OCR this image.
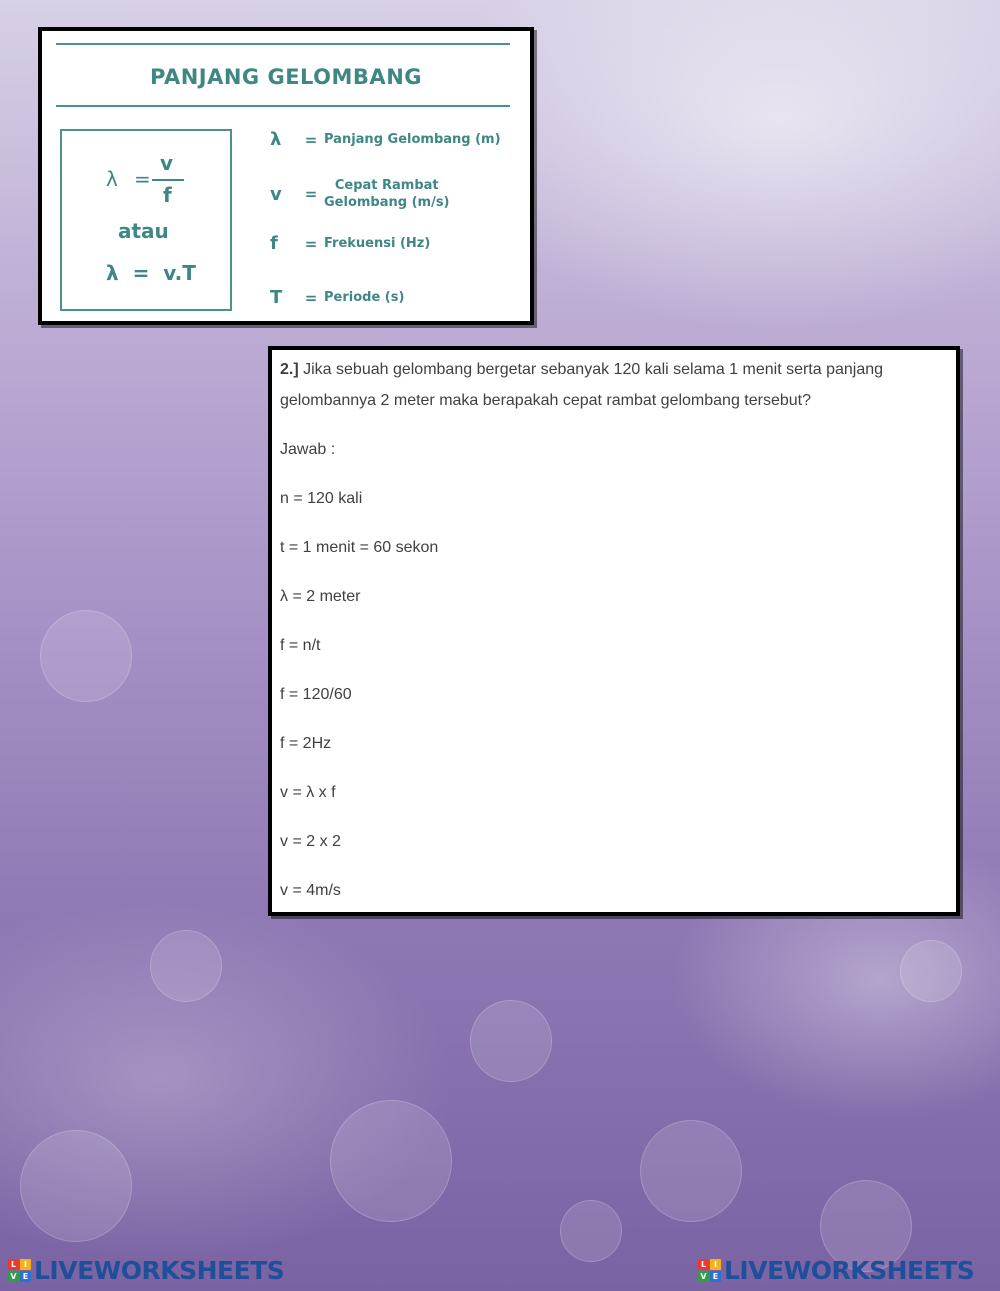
PANJANG GELOMBANG
λ =
v
f
atau
λ  =  v.T
λ	= Panjang Gelombang (m)
v	=	Cepat Rambat
Gelombang (m/s)
f	= Frekuensi (Hz)
T	= Periode (s)
2.] Jika sebuah gelombang bergetar sebanyak 120 kali selama 1 menit serta panjang
gelombannya 2 meter maka berapakah cepat rambat gelombang tersebut?
Jawab :
n = 120 kali
t = 1 menit = 60 sekon
λ = 2 meter
f = n/t
f = 120/60
f = 2Hz
v = λ x f
v = 2 x 2
v = 4m/s
L I
V E LIVEWORKSHEETS	L I
V E LIVEWORKSHEETS
